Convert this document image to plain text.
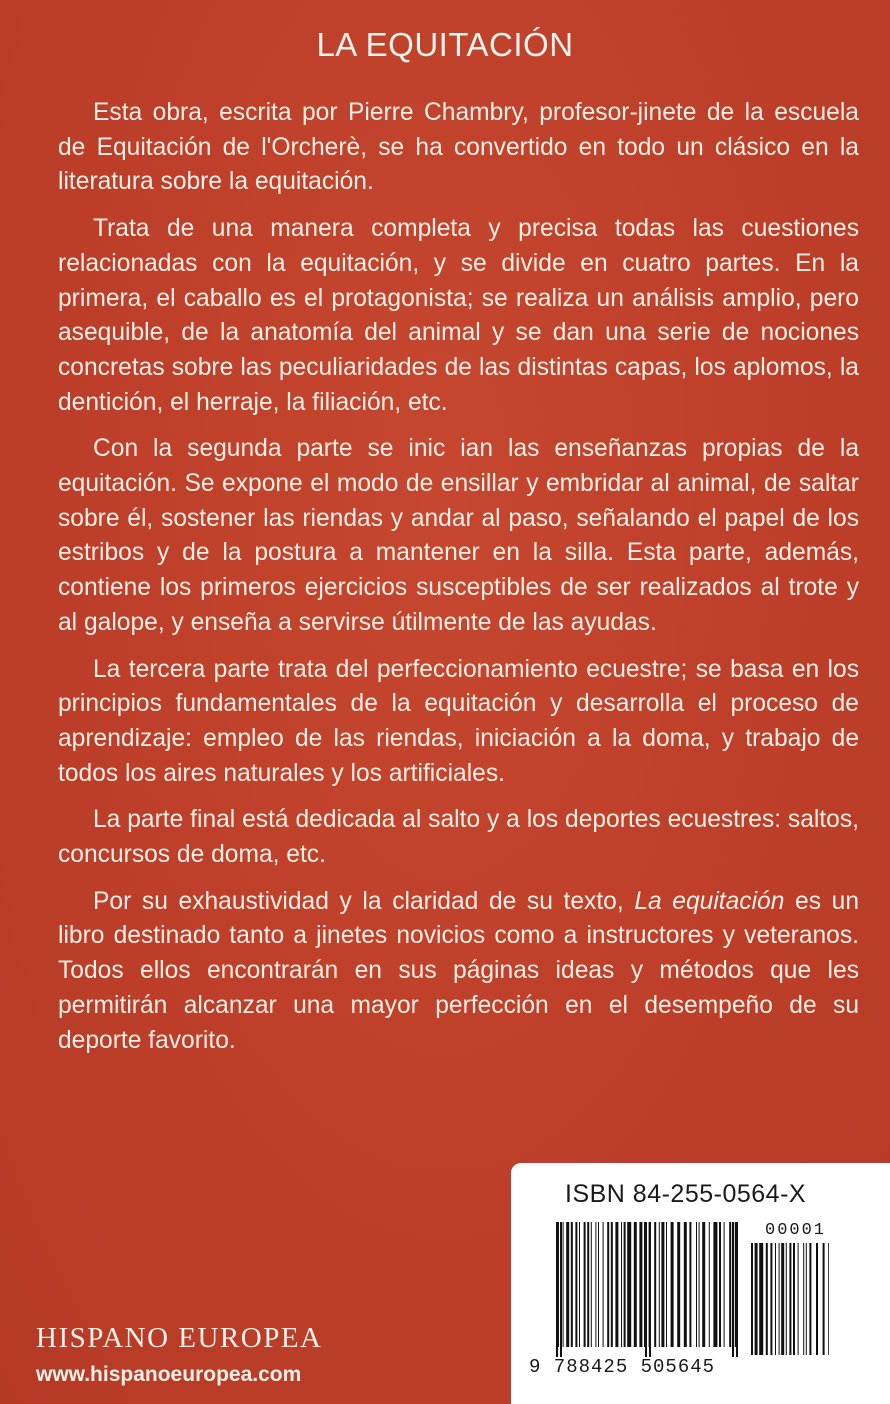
LA EQUITACIÓN

Esta obra, escrita por Pierre Chambry, profesor-jinete de la escuela de Equitación de l'Orcherè, se ha convertido en todo un clásico en la literatura sobre la equitación.

Trata de una manera completa y precisa todas las cuestiones relacionadas con la equitación, y se divide en cuatro partes. En la primera, el caballo es el protagonista; se realiza un análisis amplio, pero asequible, de la anatomía del animal y se dan una serie de nociones concretas sobre las peculiaridades de las distintas capas, los aplomos, la dentición, el herraje, la filiación, etc.

Con la segunda parte se inic ian las enseñanzas propias de la equitación. Se expone el modo de ensillar y embridar al animal, de saltar sobre él, sostener las riendas y andar al paso, señalando el papel de los estribos y de la postura a mantener en la silla. Esta parte, además, contiene los primeros ejercicios susceptibles de ser realizados al trote y al galope, y enseña a servirse útilmente de las ayudas.

La tercera parte trata del perfeccionamiento ecuestre; se basa en los principios fundamentales de la equitación y desarrolla el proceso de aprendizaje: empleo de las riendas, iniciación a la doma, y trabajo de todos los aires naturales y los artificiales.

La parte final está dedicada al salto y a los deportes ecuestres: saltos, concursos de doma, etc.

Por su exhaustividad y la claridad de su texto, La equitación es un libro destinado tanto a jinetes novicios como a instructores y veteranos. Todos ellos encontrarán en sus páginas ideas y métodos que les permitirán alcanzar una mayor perfección en el desempeño de su deporte favorito.

HISPANO EUROPEA
www.hispanoeuropea.com
ISBN 84-255-0564-X
9 788425 505645
00001
